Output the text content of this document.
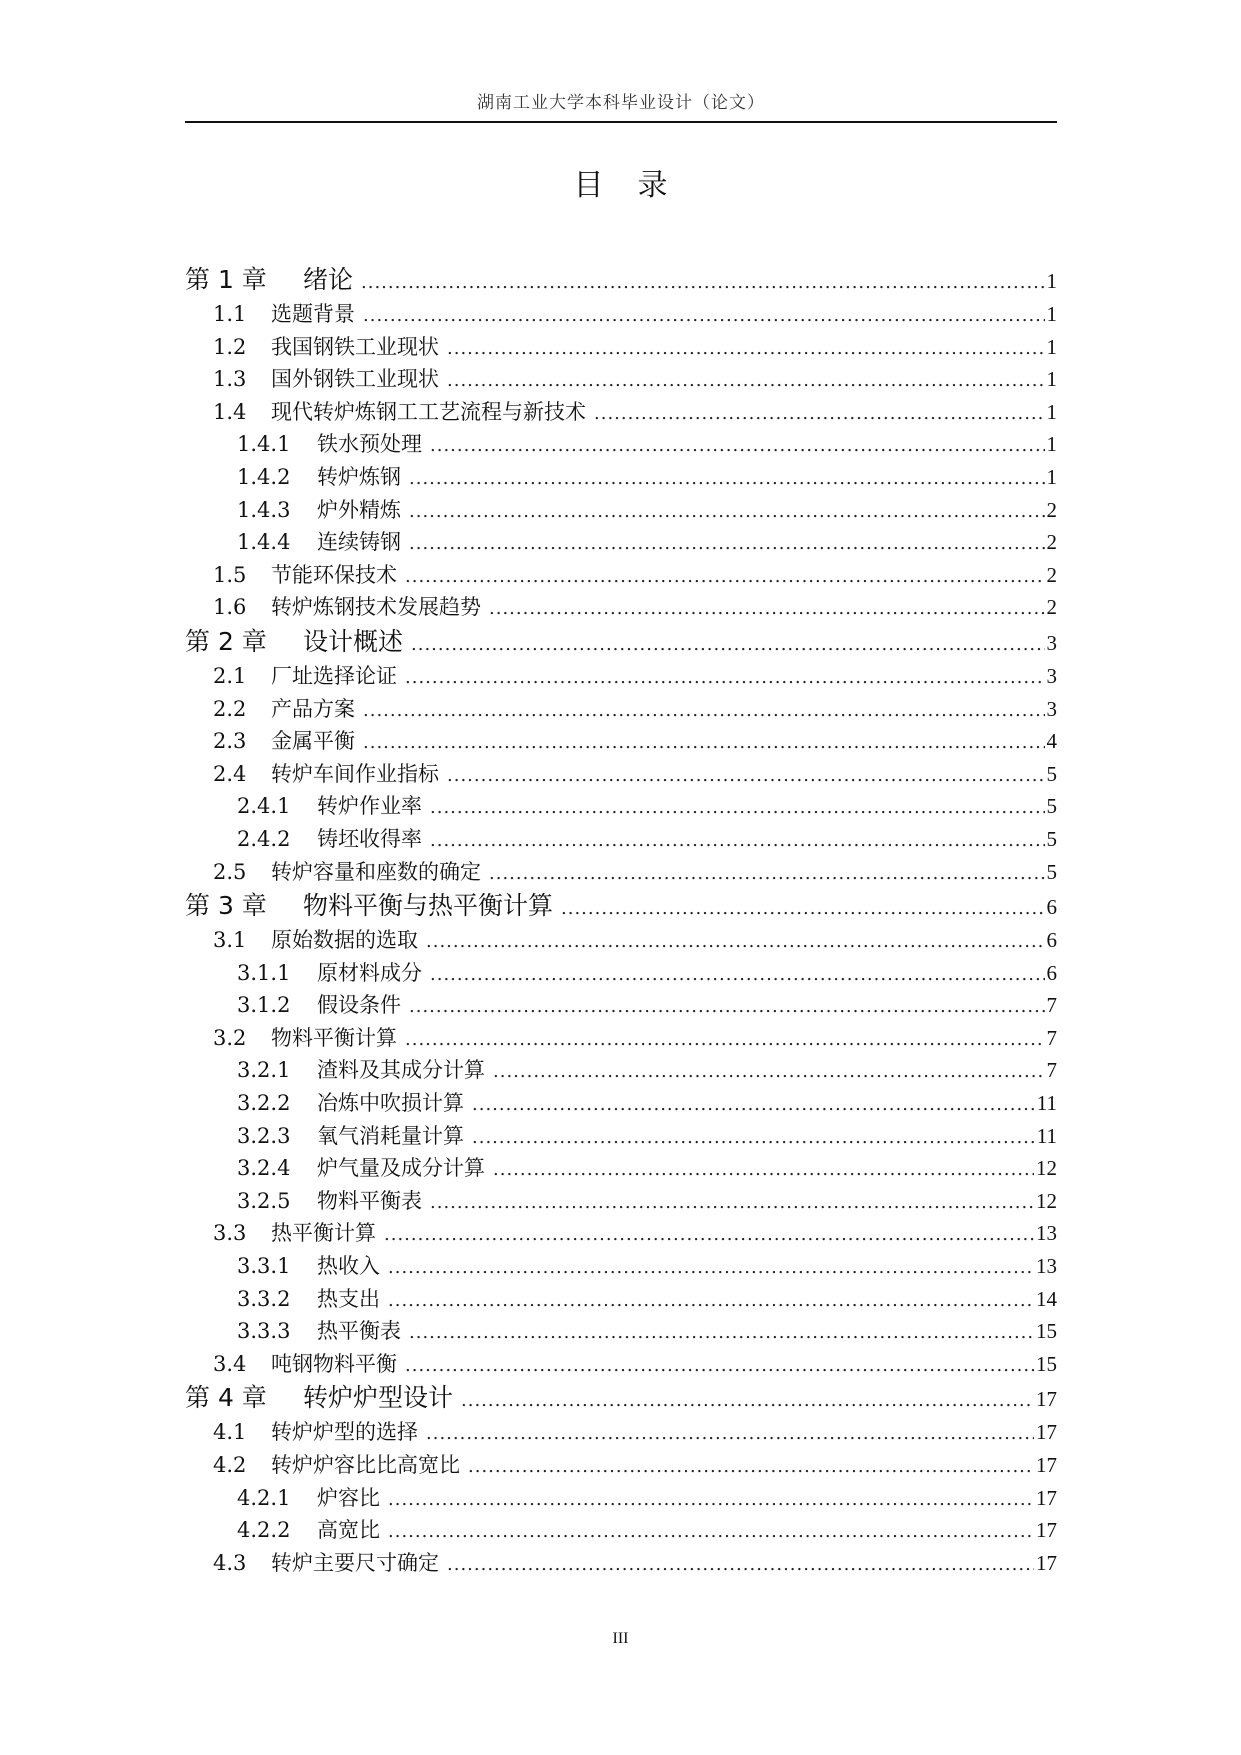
湖南工业大学本科毕业设计（论文）
目录
第 1 章	绪论 .....	1
1.1	选题背景 .....	1
1.2	我国钢铁工业现状 .....	1
1.3	国外钢铁工业现状 .....	1
1.4	现代转炉炼钢工工艺流程与新技术 .....	1
1.4.1	铁水预处理 .....	1
1.4.2	转炉炼钢 .....	1
1.4.3	炉外精炼 .....	2
1.4.4	连续铸钢 .....	2
1.5	节能环保技术 .....	2
1.6	转炉炼钢技术发展趋势 .....	2
第 2 章	设计概述 .....	3
2.1	厂址选择论证 .....	3
2.2	产品方案 .....	3
2.3	金属平衡 .....	4
2.4	转炉车间作业指标 .....	5
2.4.1	转炉作业率 .....	5
2.4.2	铸坯收得率 .....	5
2.5	转炉容量和座数的确定 .....	5
第 3 章	物料平衡与热平衡计算 .....	6
3.1	原始数据的选取 .....	6
3.1.1	原材料成分 .....	6
3.1.2	假设条件 .....	7
3.2	物料平衡计算 .....	7
3.2.1	渣料及其成分计算 .....	7
3.2.2	冶炼中吹损计算 .....	11
3.2.3	氧气消耗量计算 .....	11
3.2.4	炉气量及成分计算 .....	12
3.2.5	物料平衡表 .....	12
3.3	热平衡计算 .....	13
3.3.1	热收入 .....	13
3.3.2	热支出 .....	14
3.3.3	热平衡表 .....	15
3.4	吨钢物料平衡 .....	15
第 4 章	转炉炉型设计 .....	17
4.1	转炉炉型的选择 .....	17
4.2	转炉炉容比比高宽比 .....	17
4.2.1	炉容比 .....	17
4.2.2	高宽比 .....	17
4.3	转炉主要尺寸确定 .....	17
III
